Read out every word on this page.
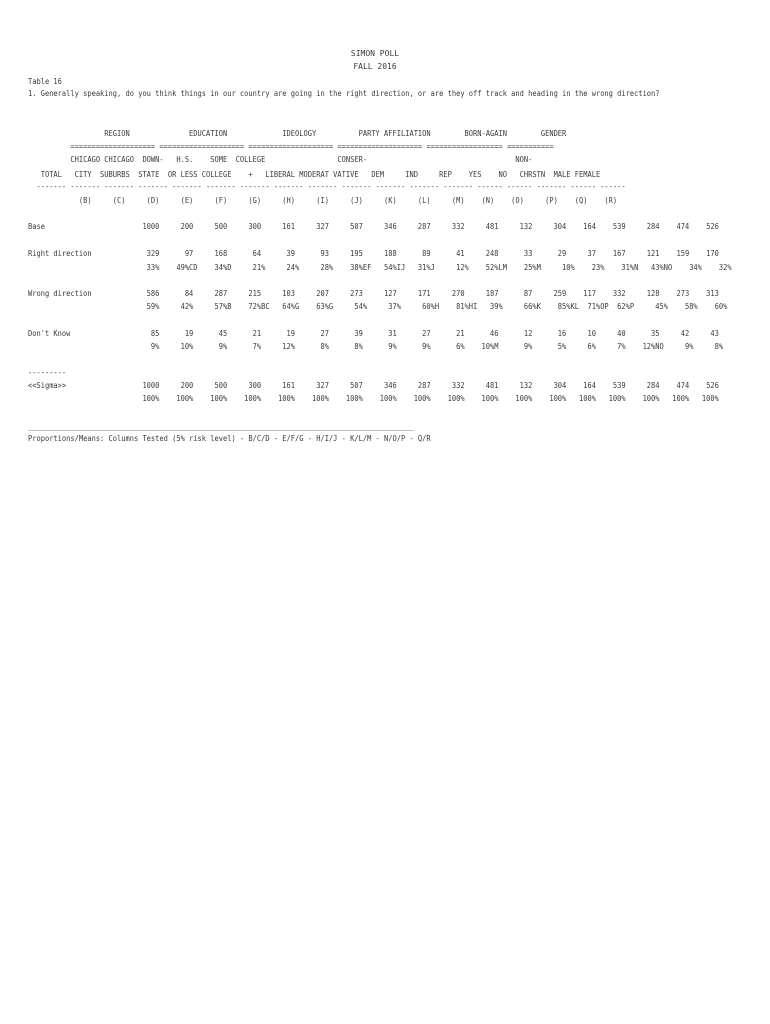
SIMON POLL
FALL 2016
Table 16
1. Generally speaking, do you think things in our country are going in the right direction, or are they off track and heading in the wrong direction?
REGION              EDUCATION             IDEOLOGY          PARTY AFFILIATION        BORN-AGAIN        GENDER
==================== ==================== ==================== ==================== ================== ===========
CHICAGO CHICAGO  DOWN-   H.S.    SOME  COLLEGE                 CONSER-                                   NON-
TOTAL   CITY  SUBURBS  STATE  OR LESS COLLEGE    +   LIBERAL MODERAT VATIVE   DEM     IND     REP    YES    NO   CHRSTN  MALE FEMALE
------- ------- ------- ------- ------- ------- ------- ------- ------- ------- ------- ------- ------- ------ ------ ------- ------ ------
(B)     (C)     (D)     (E)     (F)     (G)     (H)     (I)     (J)     (K)     (L)     (M)    (N)    (O)     (P)    (Q)    (R)
Base                       1000     200     500     300     161     327     507     346     287     332     481     132     304    164    539     284    474    526
Right direction             329      97     168      64      39      93     195     188      89      41     248      33      29     37    167     121    159    170
33%    49%CD    34%D     21%     24%     28%    38%EF   54%IJ   31%J     12%    52%LM    25%M     10%    23%    31%N   43%NO    34%    32%
Wrong direction             586      84     287     215     103     207     273     127     171     270     187      87     259    117    332     128    273    313
59%     42%     57%B    72%BC   64%G    63%G     54%     37%     60%H    81%HI   39%     66%K    85%KL  71%OP  62%P     45%    58%    60%
Don't Know                   85      19      45      21      19      27      39      31      27      21      46      12      16     10     40      35     42     43
9%     10%      9%      7%     12%      8%      8%      9%      9%      6%    10%M      9%      5%     6%     7%    12%NO     9%     8%
---------
<<Sigma>>                  1000     200     500     300     161     327     507     346     287     332     481     132     304    164    539     284    474    526
100%    100%    100%    100%    100%    100%    100%    100%    100%    100%    100%    100%    100%   100%   100%    100%   100%   100%
___________________________________________________________________________________________
Proportions/Means: Columns Tested (5% risk level) - B/C/D - E/F/G - H/I/J - K/L/M - N/O/P - Q/R
